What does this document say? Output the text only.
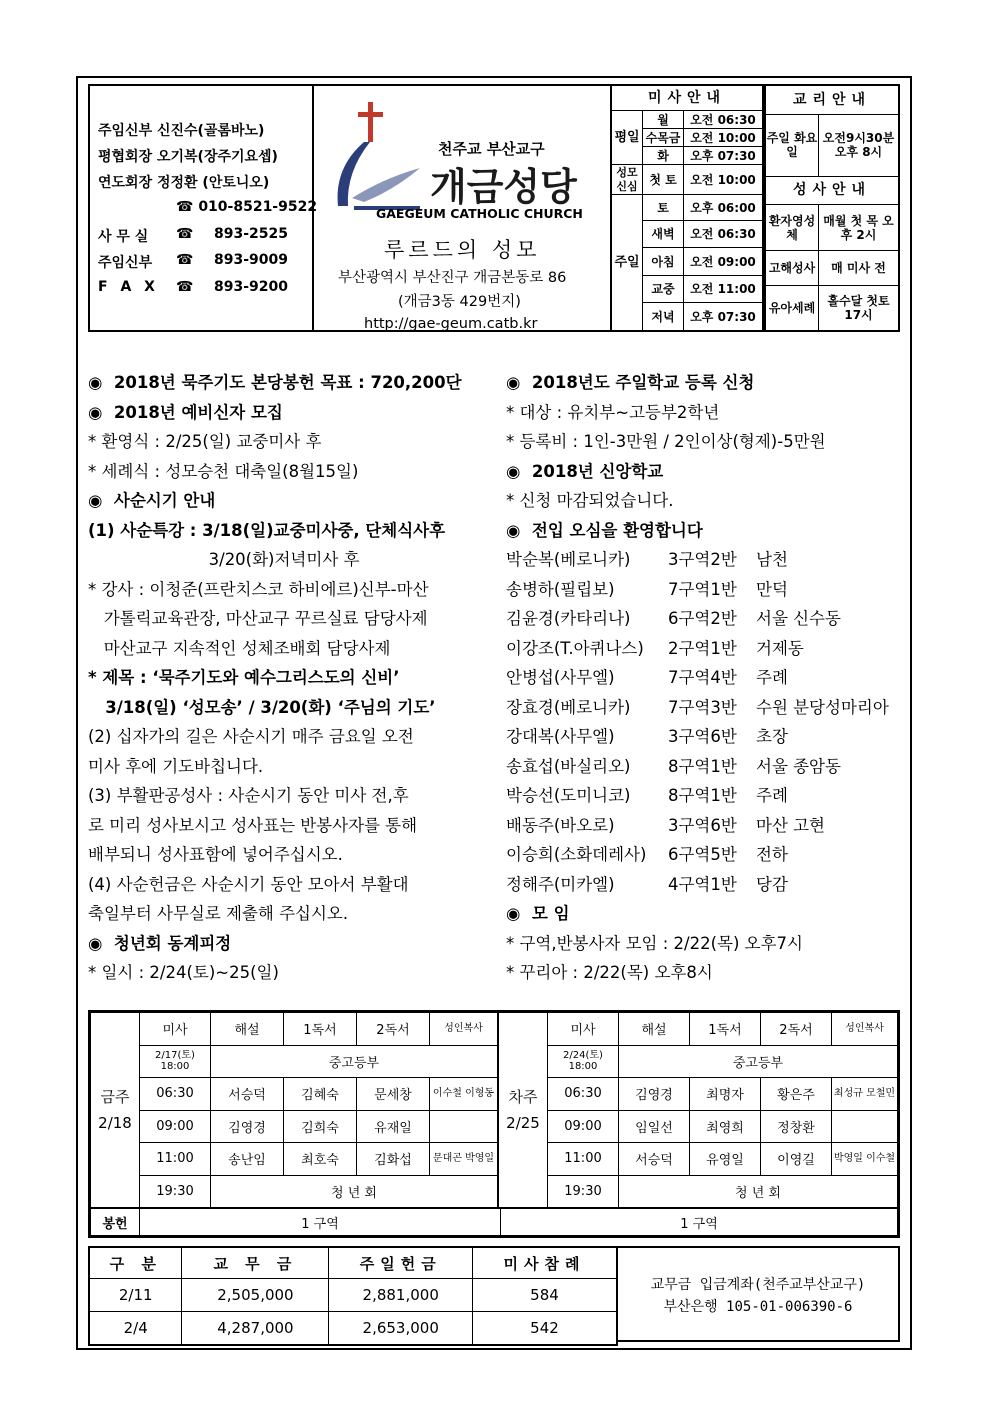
주임신부 신진수(골롬바노)
평협회장 오기복(장주기요셉)
연도회장 정정환 (안토니오)
☎ 010-8521-9522
사 무 실 ☎ 893-2525
주임신부 ☎ 893-9009
F A X ☎ 893-9200
천주교 부산교구
개금성당
GAEGEUM CATHOLIC CHURCH
루르드의 성모
부산광역시 부산진구 개금본동로 86
(개금3동 429번지)
http://gae-geum.catb.kr
미사안내		
평일	월	오전 06:30
	수목금	오전 10:00
	화	오후 07:30
성모신심	첫 토	오전 10:00
주일	토	오후 06:00
	새벽	오전 06:30
	아침	오전 09:00
	교중	오전 11:00
	저녁	오후 07:30
교리안내	
주일 화요일	오전9시30분 오후 8시
성사안내	
환자영성체	매월 첫 목 오후 2시
고해성사	매 미사 전
유아세례	홀수달 첫토 17시
◉  2018년 묵주기도 본당봉헌 목표 : 720,200단
◉  2018년 예비신자 모집
* 환영식 : 2/25(일) 교중미사 후
* 세례식 : 성모승천 대축일(8월15일)
◉  사순시기 안내
(1) 사순특강 : 3/18(일)교중미사중, 단체식사후
3/20(화)저녁미사 후
* 강사 : 이청준(프란치스코 하비에르)신부-마산
가톨릭교육관장, 마산교구 꾸르실료 담당사제
마산교구 지속적인 성체조배회 담당사제
* 제목 : ‘묵주기도와 예수그리스도의 신비’
3/18(일) ‘성모송’ / 3/20(화) ‘주님의 기도’
(2) 십자가의 길은 사순시기 매주 금요일 오전
미사 후에 기도바칩니다.
(3) 부활판공성사 : 사순시기 동안 미사 전,후
로 미리 성사보시고 성사표는 반봉사자를 통해
배부되니 성사표함에 넣어주십시오.
(4) 사순헌금은 사순시기 동안 모아서 부활대
축일부터 사무실로 제출해 주십시오.
◉  청년회 동계피정
* 일시 : 2/24(토)~25(일)
◉  2018년도 주일학교 등록 신청
* 대상 : 유치부~고등부2학년
* 등록비 : 1인-3만원 / 2인이상(형제)-5만원
◉  2018년 신앙학교
* 신청 마감되었습니다.
◉  전입 오심을 환영합니다
박순복(베로니카) 3구역2반 남천
송병하(필립보)	7구역1반 만덕
김윤경(카타리나) 6구역2반 서울 신수동
이강조(T.아퀴나스) 2구역1반 거제동
안병섭(사무엘)	7구역4반 주례
장효경(베로니카) 7구역3반 수원 분당성마리아
강대복(사무엘)	3구역6반 초장
송효섭(바실리오) 8구역1반 서울 종암동
박승선(도미니코) 8구역1반 주례
배동주(바오로)	3구역6반 마산 고현
이승희(소화데레사) 6구역5반 전하
정해주(미카엘)	4구역1반 당감
◉  모 임
* 구역,반봉사자 모임 : 2/22(목) 오후7시
* 꾸리아 : 2/22(목) 오후8시
금주
2/18	미사	해설	1독서	2독서	성인복사
	2/17(토) 18:00	중고등부			
	06:30	서승덕	김혜숙	문세창	이수철 이형동
	09:00	김영경	김희숙	유재일	
	11:00	송난임	최호숙	김화섭	문대곤 박영일
	19:30	청 년 회			
차주
2/25	미사	해설	1독서	2독서	성인복사
	2/24(토) 18:00	중고등부			
	06:30	김영경	최명자	황은주	최성규 모철민
	09:00	임일선	최영희	정창환	
	11:00	서승덕	유영일	이영길	박영일 이수철
	19:30	청 년 회			
봉헌	1 구역	1 구역
구 분	교 무 금	주일헌금	미사참례
2/11	2,505,000	2,881,000	584
2/4	4,287,000	2,653,000	542
교무금 입금계좌(천주교부산교구)
부산은행 105-01-006390-6
